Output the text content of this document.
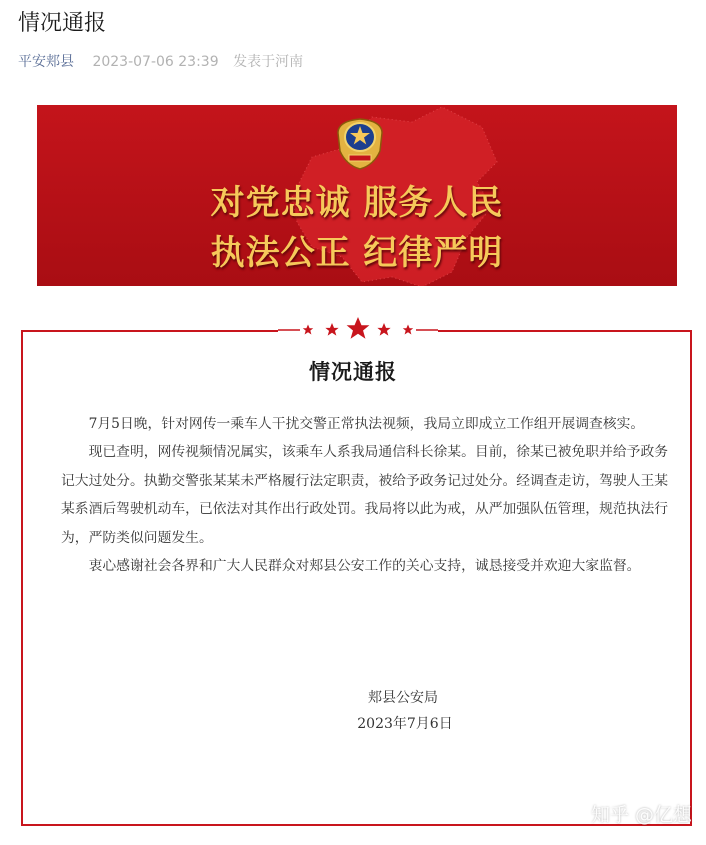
情况通报
平安郏县 2023-07-06 23:39 发表于河南
对党忠诚 服务人民
执法公正 纪律严明
情况通报

7月5日晚，针对网传一乘车人干扰交警正常执法视频，我局立即成立工作组开展调查核实。

现已查明，网传视频情况属实，该乘车人系我局通信科长徐某。目前，徐某已被免职并给予政务记大过处分。执勤交警张某某未严格履行法定职责，被给予政务记过处分。经调查走访，驾驶人王某某系酒后驾驶机动车，已依法对其作出行政处罚。我局将以此为戒，从严加强队伍管理，规范执法行为，严防类似问题发生。

衷心感谢社会各界和广大人民群众对郏县公安工作的关心支持，诚恳接受并欢迎大家监督。

郏县公安局
2023年7月6日
知乎 @亿想
